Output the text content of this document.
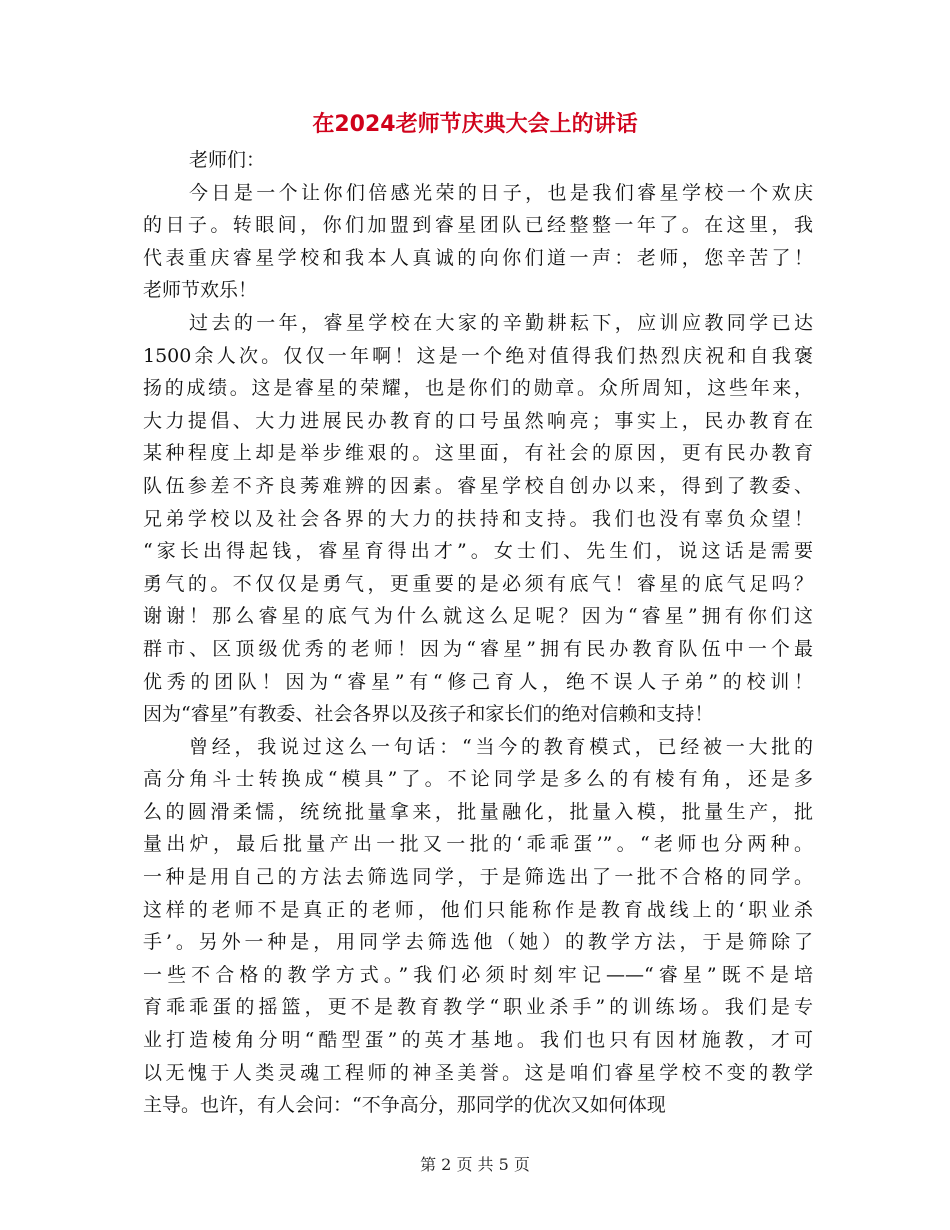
在2024老师节庆典大会上的讲话
老师们：
今日是一个让你们倍感光荣的日子，也是我们睿星学校一个欢庆
的日子。转眼间，你们加盟到睿星团队已经整整一年了。在这里，我
代表重庆睿星学校和我本人真诚的向你们道一声：老师，您辛苦了！
老师节欢乐！
过去的一年，睿星学校在大家的辛勤耕耘下，应训应教同学已达
1500余人次。仅仅一年啊！这是一个绝对值得我们热烈庆祝和自我褒
扬的成绩。这是睿星的荣耀，也是你们的勋章。众所周知，这些年来，
大力提倡、大力进展民办教育的口号虽然响亮；事实上，民办教育在
某种程度上却是举步维艰的。这里面，有社会的原因，更有民办教育
队伍参差不齐良莠难辨的因素。睿星学校自创办以来，得到了教委、
兄弟学校以及社会各界的大力的扶持和支持。我们也没有辜负众望！
“家长出得起钱，睿星育得出才”。女士们、先生们，说这话是需要
勇气的。不仅仅是勇气，更重要的是必须有底气！睿星的底气足吗？
谢谢！那么睿星的底气为什么就这么足呢？因为“睿星”拥有你们这
群市、区顶级优秀的老师！因为“睿星”拥有民办教育队伍中一个最
优秀的团队！因为“睿星”有“修己育人，绝不误人子弟”的校训！
因为“睿星”有教委、社会各界以及孩子和家长们的绝对信赖和支持！
曾经，我说过这么一句话：“当今的教育模式，已经被一大批的
高分角斗士转换成“模具”了。不论同学是多么的有棱有角，还是多
么的圆滑柔懦，统统批量拿来，批量融化，批量入模，批量生产，批
量出炉，最后批量产出一批又一批的‘乖乖蛋’”。“老师也分两种。
一种是用自己的方法去筛选同学，于是筛选出了一批不合格的同学。
这样的老师不是真正的老师，他们只能称作是教育战线上的‘职业杀
手’。另外一种是，用同学去筛选他（她）的教学方法，于是筛除了
一些不合格的教学方式。”我们必须时刻牢记——“睿星”既不是培
育乖乖蛋的摇篮，更不是教育教学“职业杀手”的训练场。我们是专
业打造棱角分明“酷型蛋”的英才基地。我们也只有因材施教，才可
以无愧于人类灵魂工程师的神圣美誉。这是咱们睿星学校不变的教学
主导。也许，有人会问：“不争高分，那同学的优次又如何体现
第 2 页 共 5 页
